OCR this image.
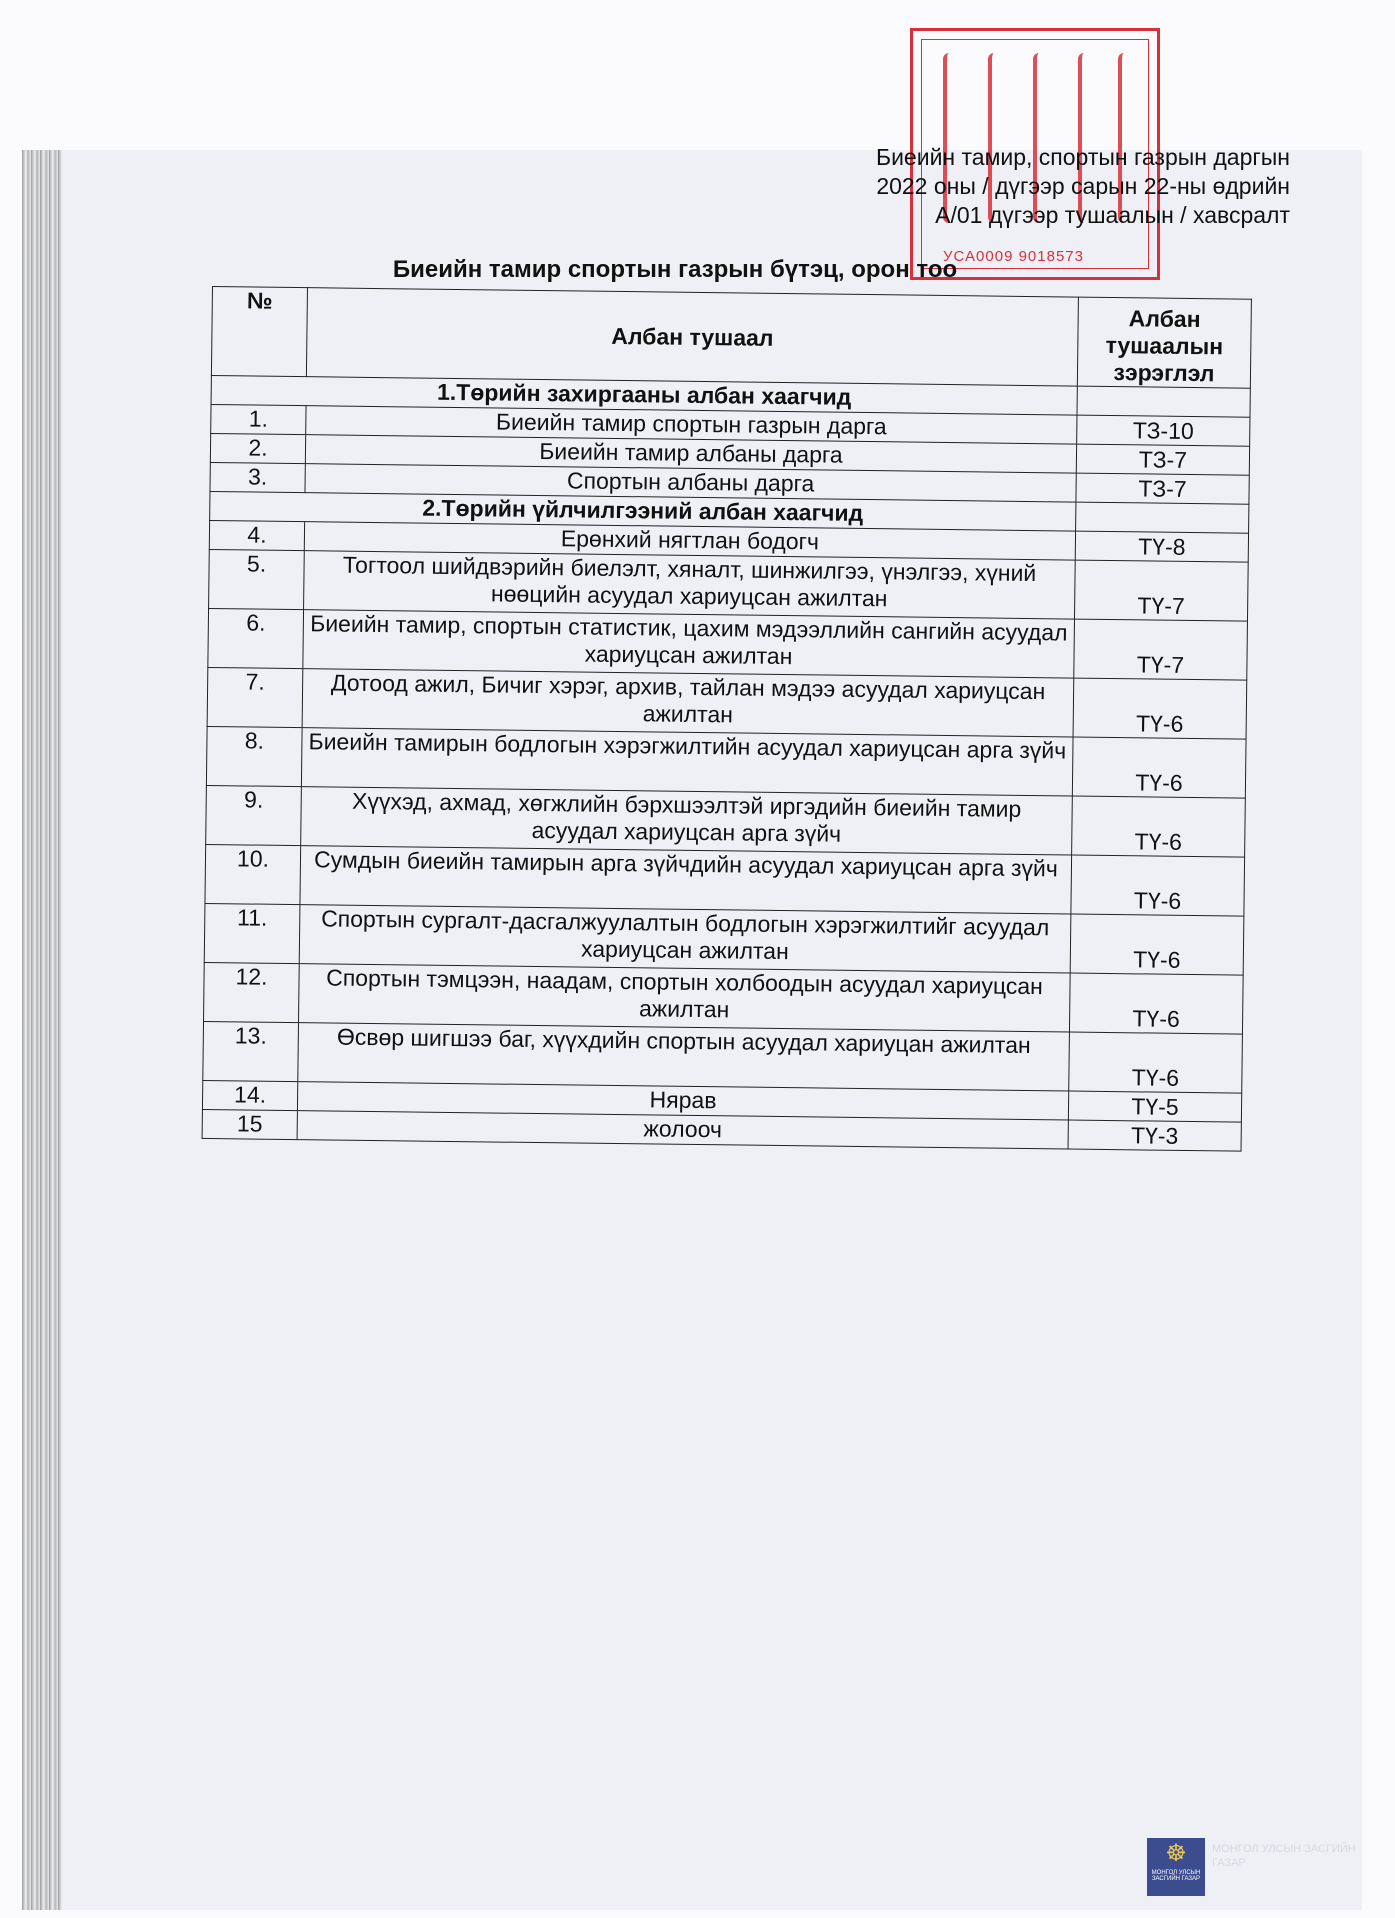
УСА0009 9018573
Биеийн тамир, спортын газрын даргын
2022 оны / дүгээр сарын 22-ны өдрийн
А/01 дүгээр тушаалын / хавсралт
Биеийн тамир спортын газрын бүтэц, орон тоо
№	Албан тушаал	Албан тушаалын зэрэглэл
1.Төрийн захиргааны албан хаагчид		
1.	Биеийн тамир спортын газрын дарга	ТЗ-10
2.	Биеийн тамир албаны дарга	ТЗ-7
3.	Спортын албаны дарга	ТЗ-7
2.Төрийн үйлчилгээний албан хаагчид		
4.	Ерөнхий нягтлан бодогч	ТҮ-8
5.	Тогтоол шийдвэрийн биелэлт, хяналт, шинжилгээ, үнэлгээ, хүний нөөцийн асуудал хариуцсан ажилтан	ТҮ-7
6.	Биеийн тамир, спортын статистик, цахим мэдээллийн сангийн асуудал хариуцсан ажилтан	ТҮ-7
7.	Дотоод ажил, Бичиг хэрэг, архив, тайлан мэдээ асуудал хариуцсан ажилтан	ТҮ-6
8.	Биеийн тамирын бодлогын хэрэгжилтийн асуудал хариуцсан арга зүйч	ТҮ-6
9.	Хүүхэд, ахмад, хөгжлийн бэрхшээлтэй иргэдийн биеийн тамир асуудал хариуцсан арга зүйч	ТҮ-6
10.	Сумдын биеийн тамирын арга зүйчдийн асуудал хариуцсан арга зүйч	ТҮ-6
11.	Спортын сургалт-дасгалжуулалтын бодлогын хэрэгжилтийг асуудал хариуцсан ажилтан	ТҮ-6
12.	Спортын тэмцээн, наадам, спортын холбоодын асуудал хариуцсан ажилтан	ТҮ-6
13.	Өсвөр шигшээ баг, хүүхдийн спортын асуудал хариуцан ажилтан	ТҮ-6
14.	Нярав	ТҮ-5
15	жолооч	ТҮ-3
☸
МОНГОЛ УЛСЫН ЗАСГИЙН ГАЗАР
МОНГОЛ УЛСЫН ЗАСГИЙН ГАЗАР
